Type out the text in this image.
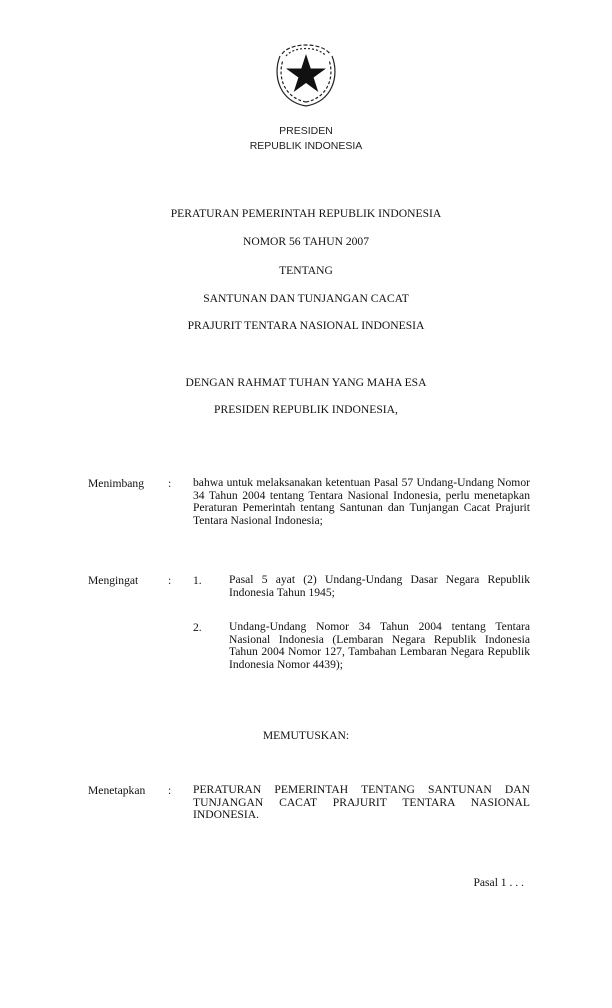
PRESIDEN
REPUBLIK INDONESIA
PERATURAN PEMERINTAH REPUBLIK INDONESIA
NOMOR 56 TAHUN 2007
TENTANG
SANTUNAN DAN TUNJANGAN CACAT
PRAJURIT TENTARA NASIONAL INDONESIA
DENGAN RAHMAT TUHAN YANG MAHA ESA
PRESIDEN REPUBLIK INDONESIA,
Menimbang : bahwa untuk melaksanakan ketentuan Pasal 57 Undang-Undang Nomor 34 Tahun 2004 tentang Tentara Nasional Indonesia, perlu menetapkan Peraturan Pemerintah tentang Santunan dan Tunjangan Cacat Prajurit Tentara Nasional Indonesia;
Mengingat	: 1. Pasal 5 ayat (2) Undang-Undang Dasar Negara Republik Indonesia Tahun 1945;
2. Undang-Undang Nomor 34 Tahun 2004 tentang Tentara Nasional Indonesia (Lembaran Negara Republik Indonesia Tahun 2004 Nomor 127, Tambahan Lembaran Negara Republik Indonesia Nomor 4439);
MEMUTUSKAN:
Menetapkan : PERATURAN PEMERINTAH TENTANG SANTUNAN DAN TUNJANGAN CACAT PRAJURIT TENTARA NASIONAL INDONESIA.
Pasal 1 . . .
